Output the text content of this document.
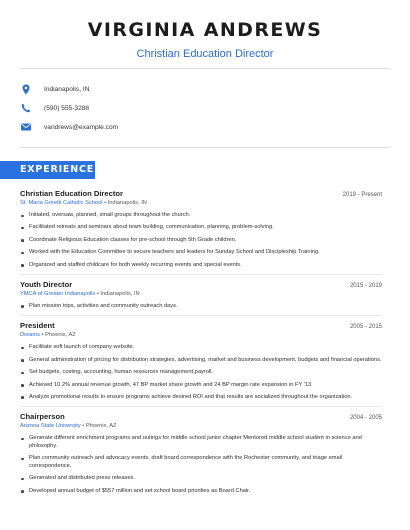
VIRGINIA ANDREWS
Christian Education Director
Indianapolis, IN
(590) 555-3288
vandrews@example.com
EXPERIENCE
Christian Education Director	2019 - Present
St. Maria Goretti Catholic School • Indianapolis, IN
Initiated, oversaw, planned, small groups throughout the church.
Facilitated retreats and seminars about team building, communication, planning, problem-solving.
Coordinate Religious Education classes for pre-school through 5th Grade children.
Worked with the Education Committee to secure teachers and leaders for Sunday School and Discipleship Training.
Organized and staffed childcare for both weekly recurring events and special events.
Youth Director	2015 - 2019
YMCA of Greater Indianapolis • Indianapolis, IN
Plan mission trips, activities and community outreach days.
President	2005 - 2015
Dreams • Phoenix, AZ
Facilitate soft launch of company website.
General administration of pricing for distribution strategies, advertising, market and business development, budgets and financial operations.
Set budgets, costing, accounting, human resources management,payroll.
Achieved 10.2% annual revenue growth, 47 BP market share growth and 24 BP margin rate expansion in FY '13.
Analyze promotional results to ensure programs achieve desired ROI and that results are socialized throughout the organization.
Chairperson	2004 - 2005
Arizona State University • Phoenix, AZ
Generate different enrichment programs and outings for middle school junior chapter Mentored middle school student in science and philosophy.
Plan community outreach and advocacy events, draft board correspondence with the Rochester community, and triage email correspondence.
Generated and distributed press releases.
Developed annual budget of $557 million and set school board priorities as Board Chair.
